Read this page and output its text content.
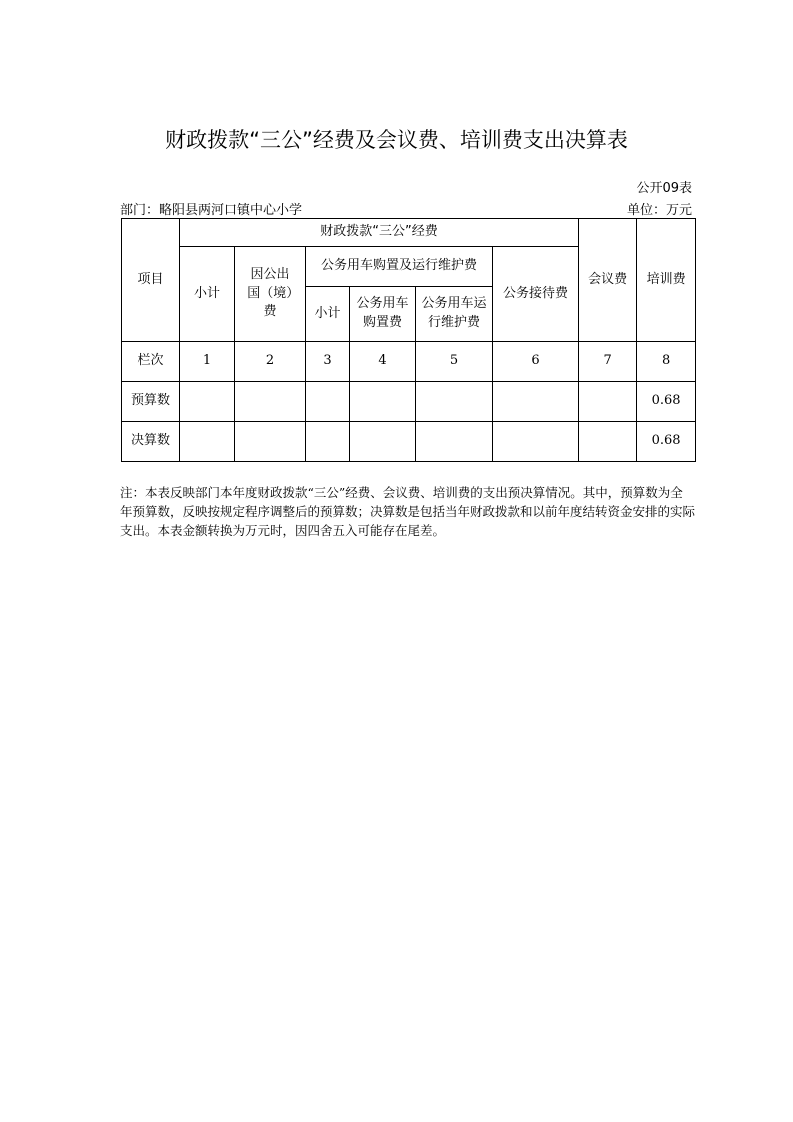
财政拨款“三公”经费及会议费、培训费支出决算表
公开09表
部门：略阳县两河口镇中心小学	单位：万元
项目	财政拨款“三公”经费						会议费	培训费
	小计	因公出国（境）费	公务用车购置及运行维护费			公务接待费		
			小计	公务用车购置费	公务用车运行维护费			
栏次	1	2	3	4	5	6	7	8
预算数								0.68
决算数								0.68
注：本表反映部门本年度财政拨款“三公”经费、会议费、培训费的支出预决算情况。其中，预算数为全年预算数，反映按规定程序调整后的预算数；决算数是包括当年财政拨款和以前年度结转资金安排的实际支出。本表金额转换为万元时，因四舍五入可能存在尾差。
